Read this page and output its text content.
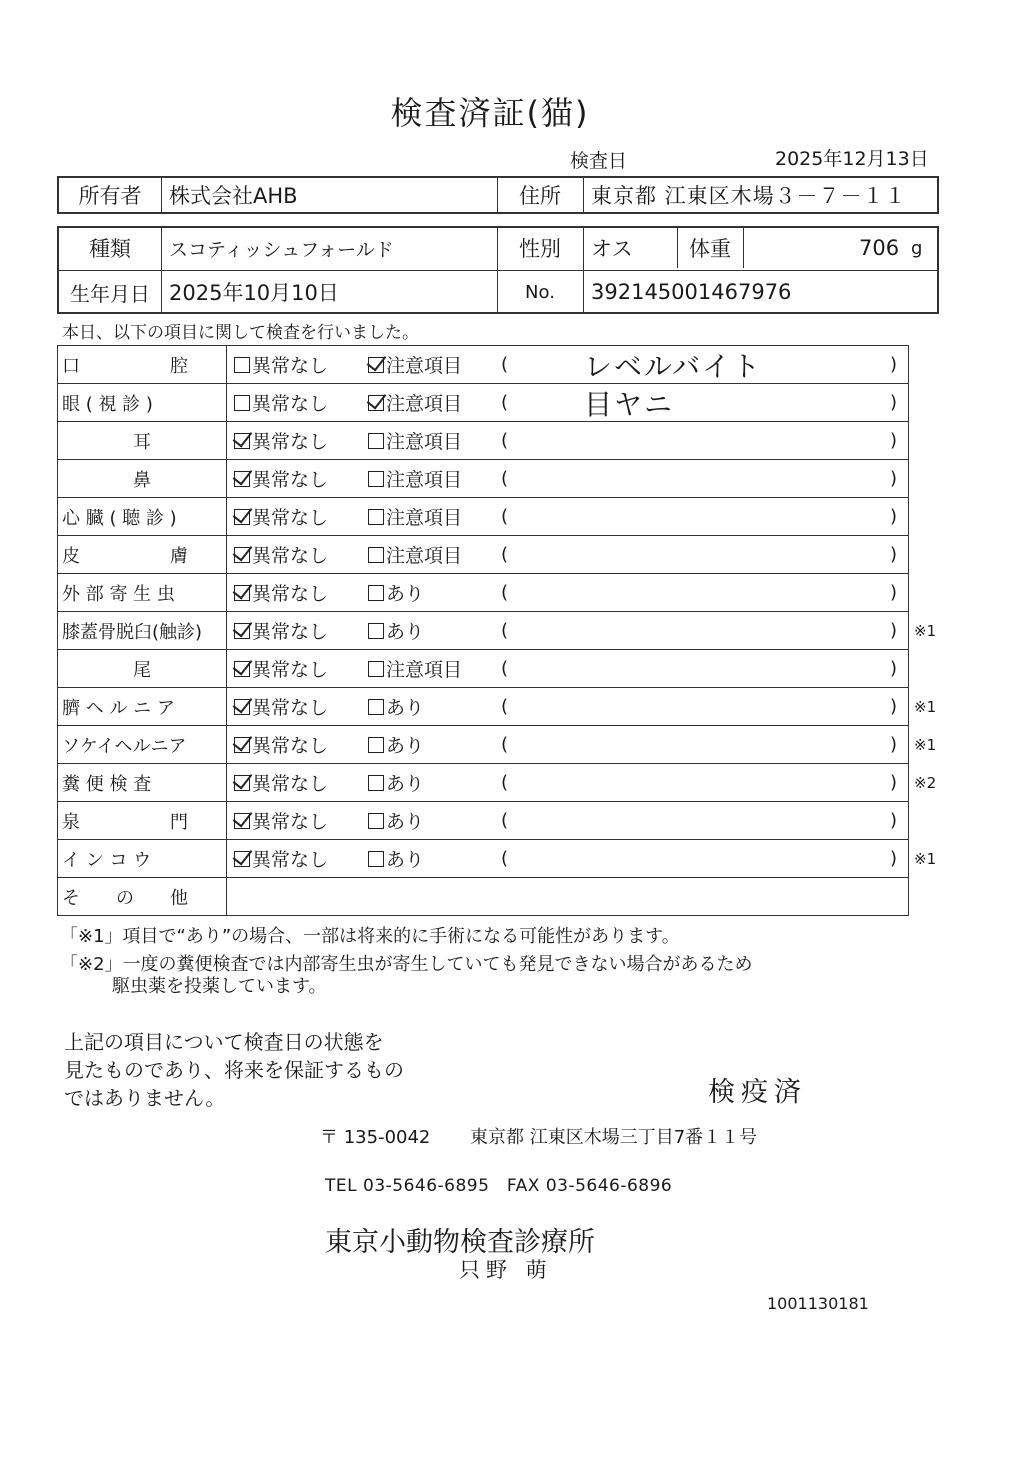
検査済証(猫)
検査日	2025年12月13日
所有者	株式会社AHB	住所	東京都 江東区木場３－７－１１
種類	スコティッシュフォールド	性別	オス	体重	706 g
生年月日 2025年10月10日	No.	392145001467976
本日、以下の項目に関して検査を行いました。
口　　　　　腔	異常なし	注意項目 (	レベルバイト	)
眼 ( 視 診 )	異常なし	注意項目 (	目ヤニ	)
耳	異常なし	注意項目 (	)
鼻	異常なし	注意項目 (	)
心 臓 ( 聴 診 )	異常なし	注意項目 (	)
皮　　　　　膚	異常なし	注意項目 (	)
外 部 寄 生 虫	異常なし	あり	(	)
膝蓋骨脱臼(触診)	異常なし	あり	(	) ※1
尾	異常なし	注意項目 (	)
臍 ヘ ル ニ ア	異常なし	あり	(	) ※1
ソケイヘルニア	異常なし	あり	(	) ※1
糞 便 検 査	異常なし	あり	(	) ※2
泉　　　　　門	異常なし	あり	(	)
イ ン コ ウ	異常なし	あり	(	) ※1
そ　　の　　他
「※1」項目で“あり”の場合、一部は将来的に手術になる可能性があります。
「※2」一度の糞便検査では内部寄生虫が寄生していても発見できない場合があるため
駆虫薬を投薬しています。
上記の項目について検査日の状態を
見たものであり、将来を保証するもの
ではありません。	検疫済
〒 135-0042 東京都 江東区木場三丁目7番１１号
TEL 03-5646-6895　FAX 03-5646-6896
東京小動物検査診療所
只野 萌
1001130181
